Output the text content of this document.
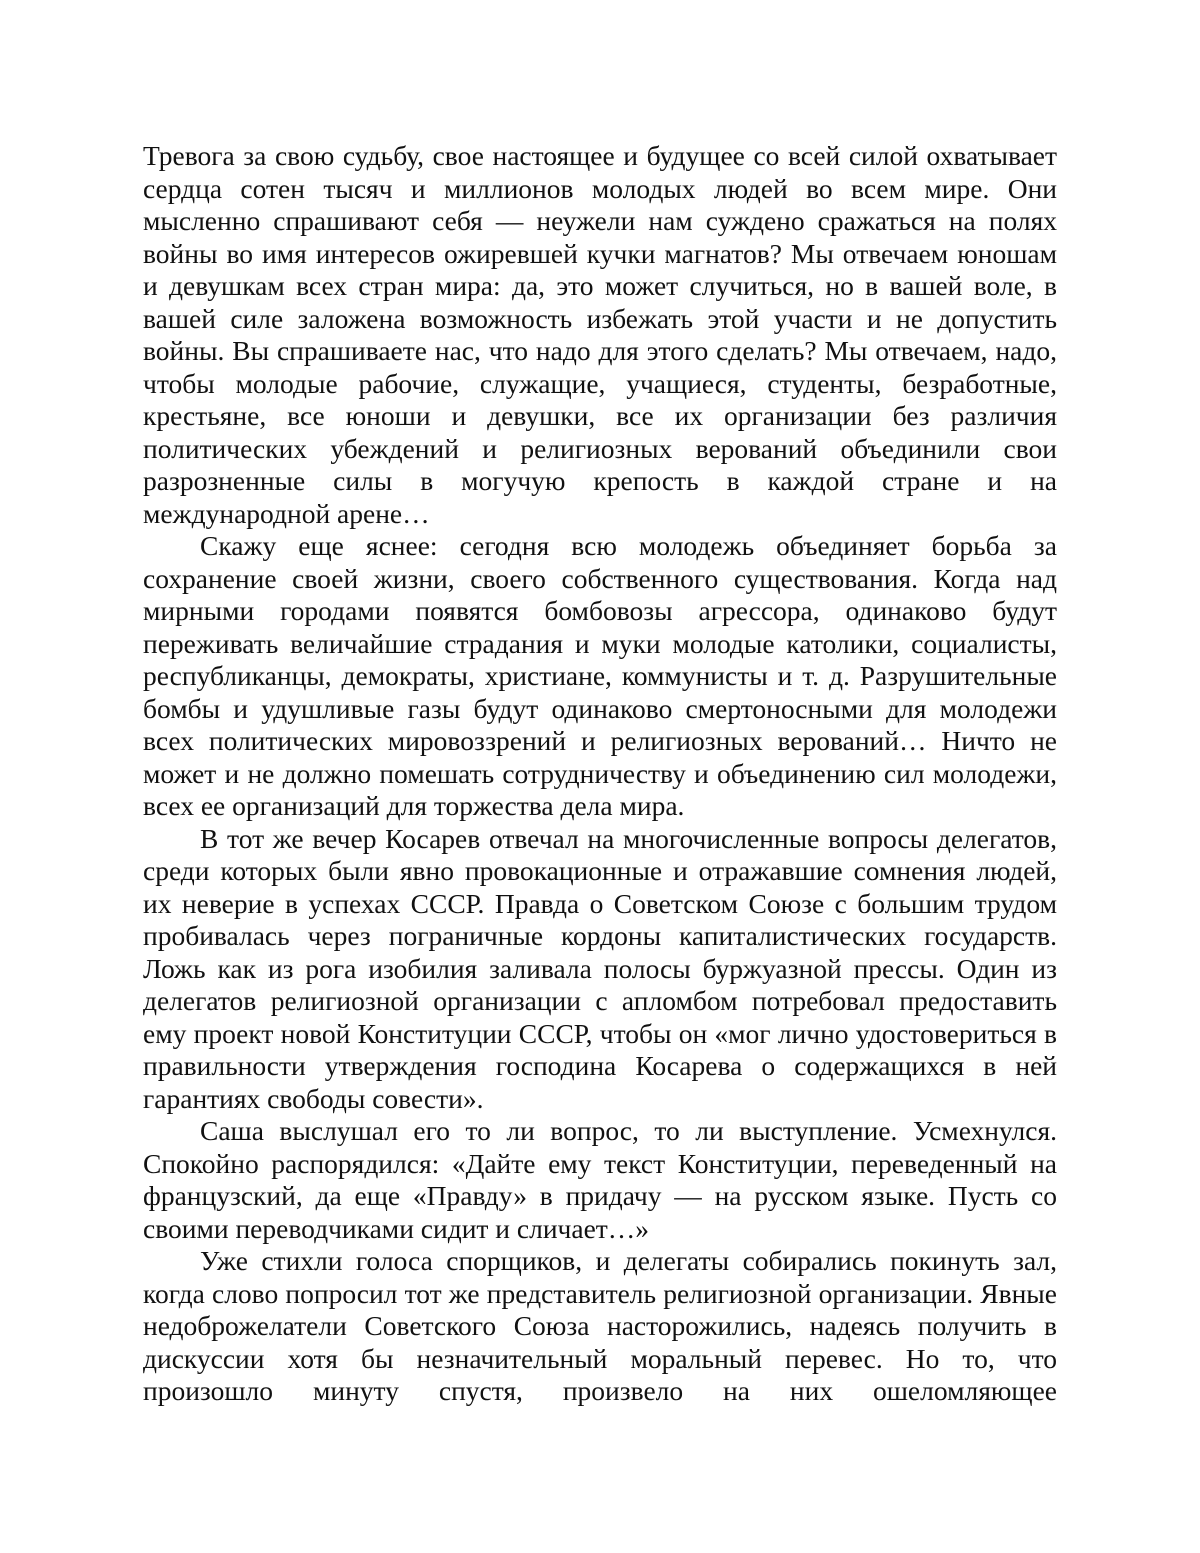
Тревога за свою судьбу, свое настоящее и будущее со всей силой охватывает сердца сотен тысяч и миллионов молодых людей во всем мире. Они мысленно спрашивают себя — неужели нам суждено сражаться на полях войны во имя интересов ожиревшей кучки магнатов? Мы отвечаем юношам и девушкам всех стран мира: да, это может случиться, но в вашей воле, в вашей силе заложена возможность избежать этой участи и не допустить войны. Вы спрашиваете нас, что надо для этого сделать? Мы отвечаем, надо, чтобы молодые рабочие, служащие, учащиеся, студенты, безработные, крестьяне, все юноши и девушки, все их организации без различия политических убеждений и религиозных верований объединили свои разрозненные силы в могучую крепость в каждой стране и на международной арене…

Скажу еще яснее: сегодня всю молодежь объединяет борьба за сохранение своей жизни, своего собственного существования. Когда над мирными городами появятся бомбовозы агрессора, одинаково будут переживать величайшие страдания и муки молодые католики, социалисты, республиканцы, демократы, христиане, коммунисты и т. д. Разрушительные бомбы и удушливые газы будут одинаково смертоносными для молодежи всех политических мировоззрений и религиозных верований… Ничто не может и не должно помешать сотрудничеству и объединению сил молодежи, всех ее организаций для торжества дела мира.

В тот же вечер Косарев отвечал на многочисленные вопросы делегатов, среди которых были явно провокационные и отражавшие сомнения людей, их неверие в успехах СССР. Правда о Советском Союзе с большим трудом пробивалась через пограничные кордоны капиталистических государств. Ложь как из рога изобилия заливала полосы буржуазной прессы. Один из делегатов религиозной организации с апломбом потребовал предоставить ему проект новой Конституции СССР, чтобы он «мог лично удостовериться в правильности утверждения господина Косарева о содержащихся в ней гарантиях свободы совести».

Саша выслушал его то ли вопрос, то ли выступление. Усмехнулся. Спокойно распорядился: «Дайте ему текст Конституции, переведенный на французский, да еще «Правду» в придачу — на русском языке. Пусть со своими переводчиками сидит и сличает…»

Уже стихли голоса спорщиков, и делегаты собирались покинуть зал, когда слово попросил тот же представитель религиозной организации. Явные недоброжелатели Советского Союза насторожились, надеясь получить в дискуссии хотя бы незначительный моральный перевес. Но то, что произошло минуту спустя, произвело на них ошеломляющее
